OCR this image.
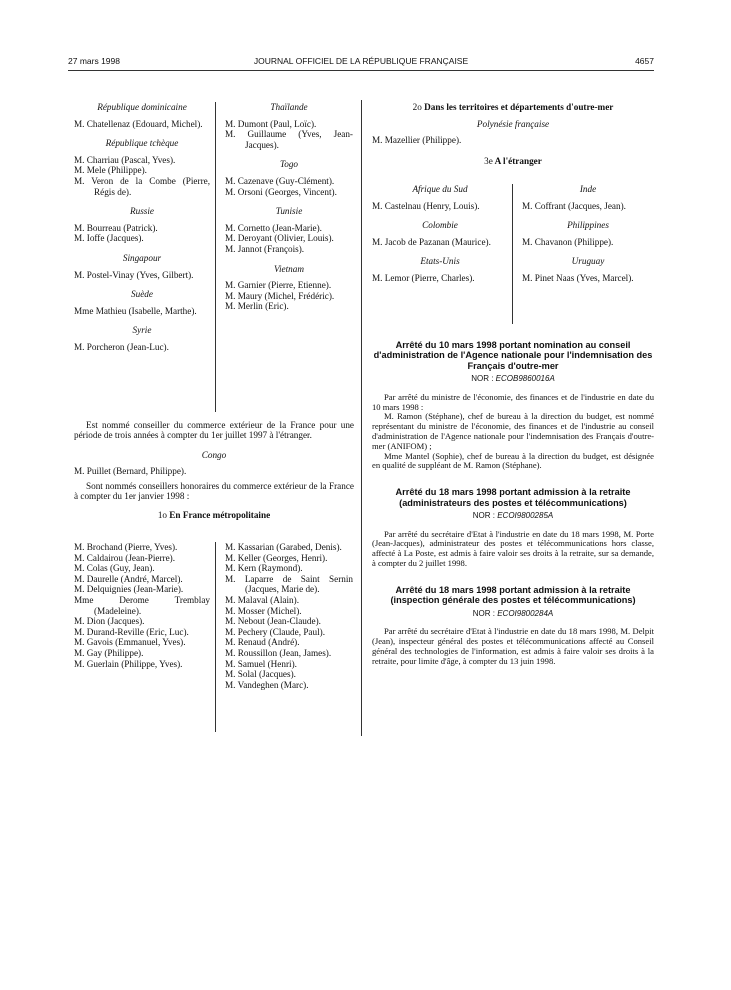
27 mars 1998	JOURNAL OFFICIEL DE LA RÉPUBLIQUE FRANÇAISE	4657
République dominicaine
M. Chatellenaz (Edouard, Michel).
République tchèque
M. Charriau (Pascal, Yves).
M. Mele (Philippe).
M. Veron de la Combe (Pierre, Régis de).
Russie
M. Bourreau (Patrick).
M. Ioffe (Jacques).
Singapour
M. Postel-Vinay (Yves, Gilbert).
Suède
Mme Mathieu (Isabelle, Marthe).
Syrie
M. Porcheron (Jean-Luc).
Thaïlande
M. Dumont (Paul, Loïc).
M. Guillaume (Yves, Jean-Jacques).
Togo
M. Cazenave (Guy-Clément).
M. Orsoni (Georges, Vincent).
Tunisie
M. Cornetto (Jean-Marie).
M. Deroyant (Olivier, Louis).
M. Jannot (François).
Vietnam
M. Garnier (Pierre, Etienne).
M. Maury (Michel, Frédéric).
M. Merlin (Eric).
Est nommé conseiller du commerce extérieur de la France pour une période de trois années à compter du 1er juillet 1997 à l'étranger.
Congo
M. Puillet (Bernard, Philippe).
Sont nommés conseillers honoraires du commerce extérieur de la France à compter du 1er janvier 1998 :
1o En France métropolitaine
M. Brochand (Pierre, Yves).
M. Caldairou (Jean-Pierre).
M. Colas (Guy, Jean).
M. Daurelle (André, Marcel).
M. Delquignies (Jean-Marie).
Mme Derome Tremblay (Madeleine).
M. Dion (Jacques).
M. Durand-Reville (Eric, Luc).
M. Gavois (Emmanuel, Yves).
M. Gay (Philippe).
M. Guerlain (Philippe, Yves).
M. Kassarian (Garabed, Denis).
M. Keller (Georges, Henri).
M. Kern (Raymond).
M. Laparre de Saint Sernin (Jacques, Marie de).
M. Malaval (Alain).
M. Mosser (Michel).
M. Nebout (Jean-Claude).
M. Pechery (Claude, Paul).
M. Renaud (André).
M. Roussillon (Jean, James).
M. Samuel (Henri).
M. Solal (Jacques).
M. Vandeghen (Marc).
2o Dans les territoires et départements d'outre-mer
Polynésie française
M. Mazellier (Philippe).
3e A l'étranger
Afrique du Sud
M. Castelnau (Henry, Louis).
Colombie
M. Jacob de Pazanan (Maurice).
Etats-Unis
M. Lemor (Pierre, Charles).
Inde
M. Coffrant (Jacques, Jean).
Philippines
M. Chavanon (Philippe).
Uruguay
M. Pinet Naas (Yves, Marcel).
Arrêté du 10 mars 1998 portant nomination au conseil d'administration de l'Agence nationale pour l'indemnisation des Français d'outre-mer
NOR : ECOB9860016A
Par arrêté du ministre de l'économie, des finances et de l'industrie en date du 10 mars 1998 :
M. Ramon (Stéphane), chef de bureau à la direction du budget, est nommé représentant du ministre de l'économie, des finances et de l'industrie au conseil d'administration de l'Agence nationale pour l'indemnisation des Français d'outre-mer (ANIFOM) ;
Mme Mantel (Sophie), chef de bureau à la direction du budget, est désignée en qualité de suppléant de M. Ramon (Stéphane).
Arrêté du 18 mars 1998 portant admission à la retraite (administrateurs des postes et télécommunications)
NOR : ECOI9800285A
Par arrêté du secrétaire d'Etat à l'industrie en date du 18 mars 1998, M. Porte (Jean-Jacques), administrateur des postes et télécommunications hors classe, affecté à La Poste, est admis à faire valoir ses droits à la retraite, sur sa demande, à compter du 2 juillet 1998.
Arrêté du 18 mars 1998 portant admission à la retraite (inspection générale des postes et télécommunications)
NOR : ECOI9800284A
Par arrêté du secrétaire d'Etat à l'industrie en date du 18 mars 1998, M. Delpit (Jean), inspecteur général des postes et télécommunications affecté au Conseil général des technologies de l'information, est admis à faire valoir ses droits à la retraite, pour limite d'âge, à compter du 13 juin 1998.
